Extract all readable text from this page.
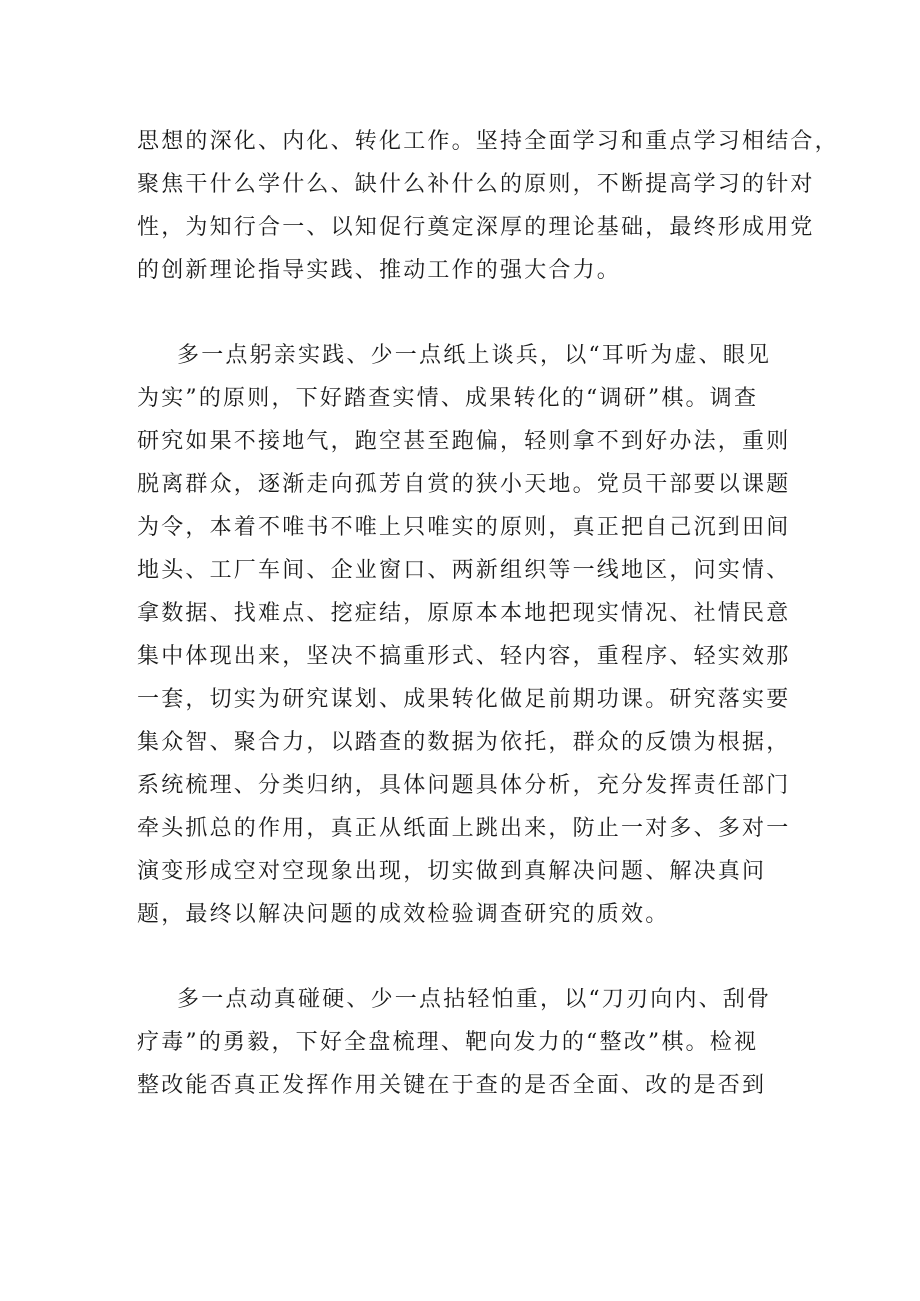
思想的深化、内化、转化工作。坚持全面学习和重点学习相结合，

聚焦干什么学什么、缺什么补什么的原则，不断提高学习的针对

性，为知行合一、以知促行奠定深厚的理论基础，最终形成用党

的创新理论指导实践、推动工作的强大合力。

多一点躬亲实践、少一点纸上谈兵，以“耳听为虚、眼见

为实”的原则，下好踏查实情、成果转化的“调研”棋。调查

研究如果不接地气，跑空甚至跑偏，轻则拿不到好办法，重则

脱离群众，逐渐走向孤芳自赏的狭小天地。党员干部要以课题

为令，本着不唯书不唯上只唯实的原则，真正把自己沉到田间

地头、工厂车间、企业窗口、两新组织等一线地区，问实情、

拿数据、找难点、挖症结，原原本本地把现实情况、社情民意

集中体现出来，坚决不搞重形式、轻内容，重程序、轻实效那

一套，切实为研究谋划、成果转化做足前期功课。研究落实要

集众智、聚合力，以踏查的数据为依托，群众的反馈为根据，

系统梳理、分类归纳，具体问题具体分析，充分发挥责任部门

牵头抓总的作用，真正从纸面上跳出来，防止一对多、多对一

演变形成空对空现象出现，切实做到真解决问题、解决真问

题，最终以解决问题的成效检验调查研究的质效。

多一点动真碰硬、少一点拈轻怕重，以“刀刃向内、刮骨

疗毒”的勇毅，下好全盘梳理、靶向发力的“整改”棋。检视

整改能否真正发挥作用关键在于查的是否全面、改的是否到
